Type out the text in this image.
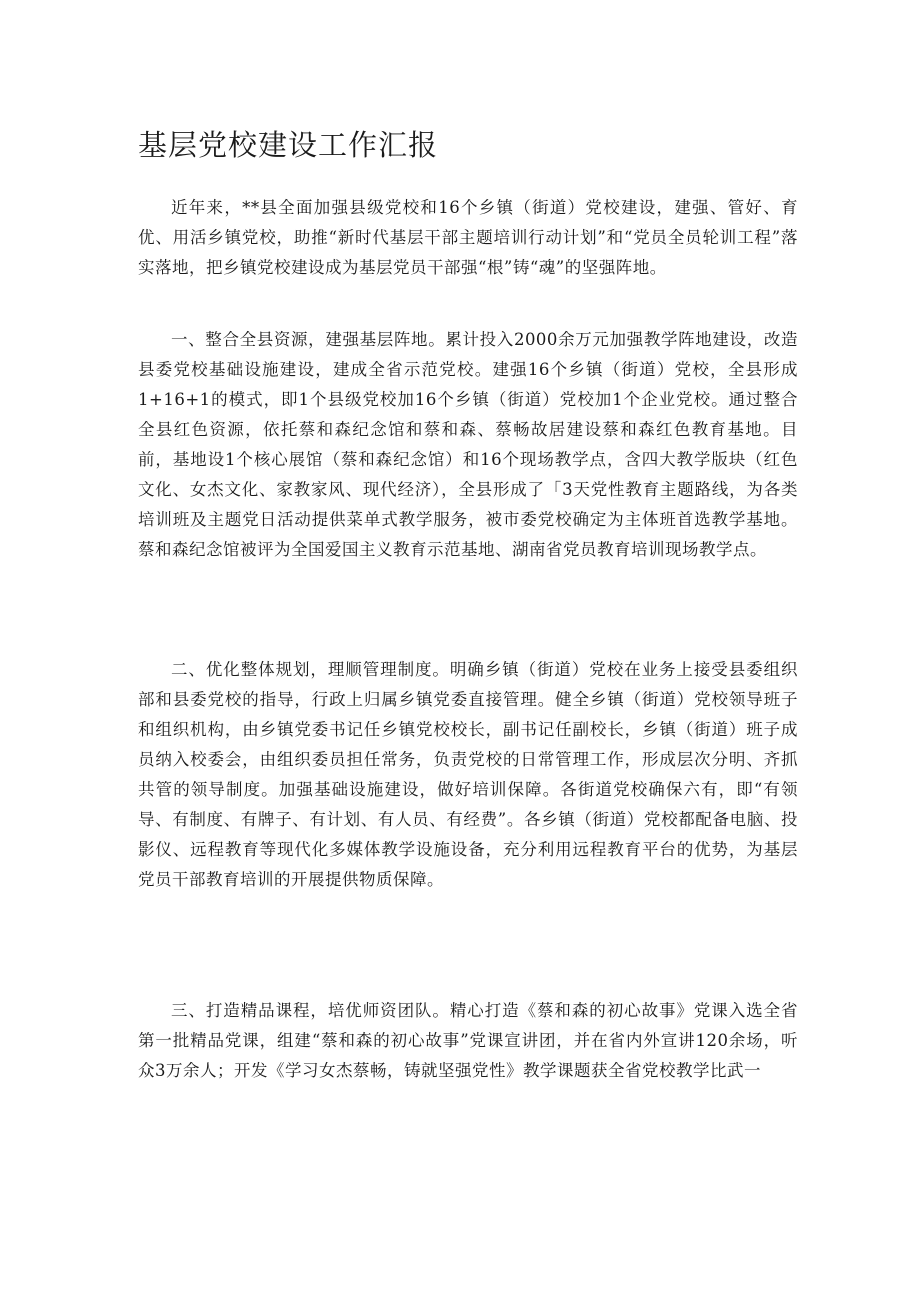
基层党校建设工作汇报

近年来，**县全面加强县级党校和16个乡镇（街道）党校建设，建强、管好、育优、用活乡镇党校，助推“新时代基层干部主题培训行动计划”和“党员全员轮训工程”落实落地，把乡镇党校建设成为基层党员干部强“根”铸“魂”的坚强阵地。

一、整合全县资源，建强基层阵地。累计投入2000余万元加强教学阵地建设，改造县委党校基础设施建设，建成全省示范党校。建强16个乡镇（街道）党校，全县形成1+16+1的模式，即1个县级党校加16个乡镇（街道）党校加1个企业党校。通过整合全县红色资源，依托蔡和森纪念馆和蔡和森、蔡畅故居建设蔡和森红色教育基地。目前，基地设1个核心展馆（蔡和森纪念馆）和16个现场教学点，含四大教学版块（红色文化、女杰文化、家教家风、现代经济），全县形成了「3天党性教育主题路线，为各类培训班及主题党日活动提供菜单式教学服务，被市委党校确定为主体班首选教学基地。蔡和森纪念馆被评为全国爱国主义教育示范基地、湖南省党员教育培训现场教学点。

二、优化整体规划，理顺管理制度。明确乡镇（街道）党校在业务上接受县委组织部和县委党校的指导，行政上归属乡镇党委直接管理。健全乡镇（街道）党校领导班子和组织机构，由乡镇党委书记任乡镇党校校长，副书记任副校长，乡镇（街道）班子成员纳入校委会，由组织委员担任常务，负责党校的日常管理工作，形成层次分明、齐抓共管的领导制度。加强基础设施建设，做好培训保障。各街道党校确保六有，即“有领导、有制度、有牌子、有计划、有人员、有经费”。各乡镇（街道）党校都配备电脑、投影仪、远程教育等现代化多媒体教学设施设备，充分利用远程教育平台的优势，为基层党员干部教育培训的开展提供物质保障。

三、打造精品课程，培优师资团队。精心打造《蔡和森的初心故事》党课入选全省第一批精品党课，组建“蔡和森的初心故事”党课宣讲团，并在省内外宣讲120余场，听众3万余人；开发《学习女杰蔡畅，铸就坚强党性》教学课题获全省党校教学比武一
